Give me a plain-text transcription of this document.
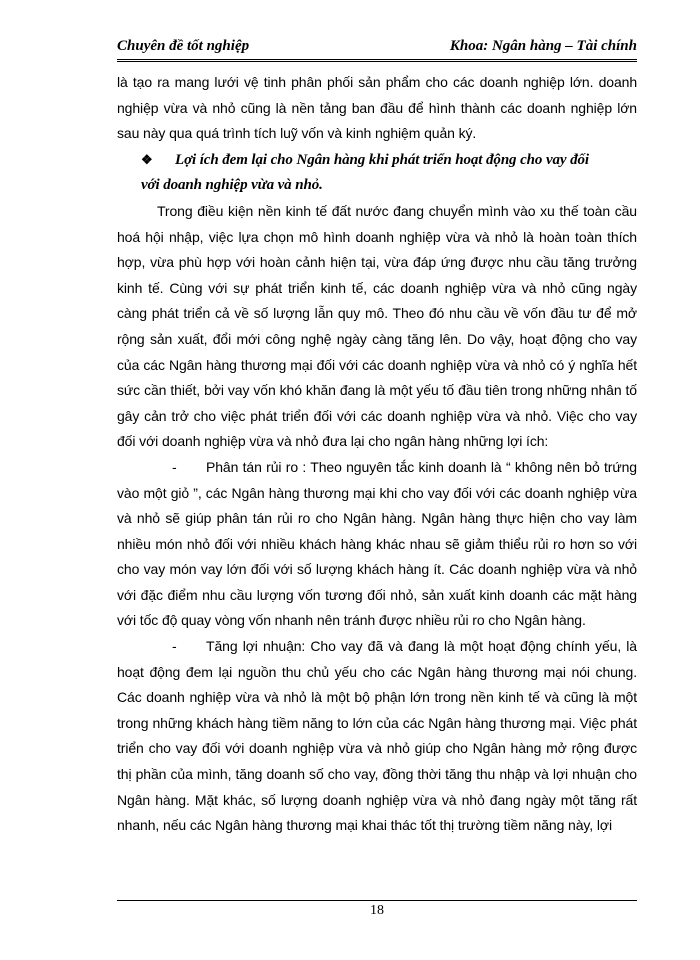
Chuyên đề tốt nghiệp	Khoa: Ngân hàng – Tài chính

là tạo ra mang lưới vệ tinh phân phối sản phẩm cho các doanh nghiệp lớn. doanh nghiệp vừa và nhỏ cũng là nền tảng ban đầu để hình thành các doanh nghiệp lớn sau này qua quá trình tích luỹ vốn và kinh nghiệm quản ký.

❖ Lợi ích đem lại cho Ngân hàng khi phát triển hoạt động cho vay đối
với doanh nghiệp vừa và nhỏ.

Trong điều kiện nền kinh tế đất nước đang chuyển mình vào xu thế toàn cầu hoá hội nhập, việc lựa chọn mô hình doanh nghiệp vừa và nhỏ là hoàn toàn thích hợp, vừa phù hợp với hoàn cảnh hiện tại, vừa đáp ứng được nhu cầu tăng trưởng kinh tế. Cùng với sự phát triển kinh tế, các doanh nghiệp vừa và nhỏ cũng ngày càng phát triển cả về số lượng lẫn quy mô. Theo đó nhu cầu về vốn đầu tư để mở rộng sản xuất, đổi mới công nghệ ngày càng tăng lên. Do vậy, hoạt động cho vay của các Ngân hàng thương mại đối với các doanh nghiệp vừa và nhỏ có ý nghĩa hết sức cần thiết, bởi vay vốn khó khăn đang là một yếu tố đầu tiên trong những nhân tố gây cản trở cho việc phát triển đối với các doanh nghiệp vừa và nhỏ. Việc cho vay đối với doanh nghiệp vừa và nhỏ đưa lại cho ngân hàng những lợi ích:

- Phân tán rủi ro : Theo nguyên tắc kinh doanh là “ không nên bỏ trứng vào một giỏ ”, các Ngân hàng thương mại khi cho vay đối với các doanh nghiệp vừa và nhỏ sẽ giúp phân tán rủi ro cho Ngân hàng. Ngân hàng thực hiện cho vay làm nhiều món nhỏ đối với nhiều khách hàng khác nhau sẽ giảm thiểu rủi ro hơn so với cho vay món vay lớn đối với số lượng khách hàng ít. Các doanh nghiệp vừa và nhỏ với đặc điểm nhu cầu lượng vốn tương đối nhỏ, sản xuất kinh doanh các mặt hàng với tốc độ quay vòng vốn nhanh nên tránh được nhiều rủi ro cho Ngân hàng.

- Tăng lợi nhuận: Cho vay đã và đang là một hoạt động chính yếu, là hoạt động đem lại nguồn thu chủ yếu cho các Ngân hàng thương mại nói chung. Các doanh nghiệp vừa và nhỏ là một bộ phận lớn trong nền kinh tế và cũng là một trong những khách hàng tiềm năng to lớn của các Ngân hàng thương mại. Việc phát triển cho vay đối với doanh nghiệp vừa và nhỏ giúp cho Ngân hàng mở rộng được thị phần của mình, tăng doanh số cho vay, đồng thời tăng thu nhập và lợi nhuận cho Ngân hàng. Mặt khác, số lượng doanh nghiệp vừa và nhỏ đang ngày một tăng rất nhanh, nếu các Ngân hàng thương mại khai thác tốt thị trường tiềm năng này, lợi

18
